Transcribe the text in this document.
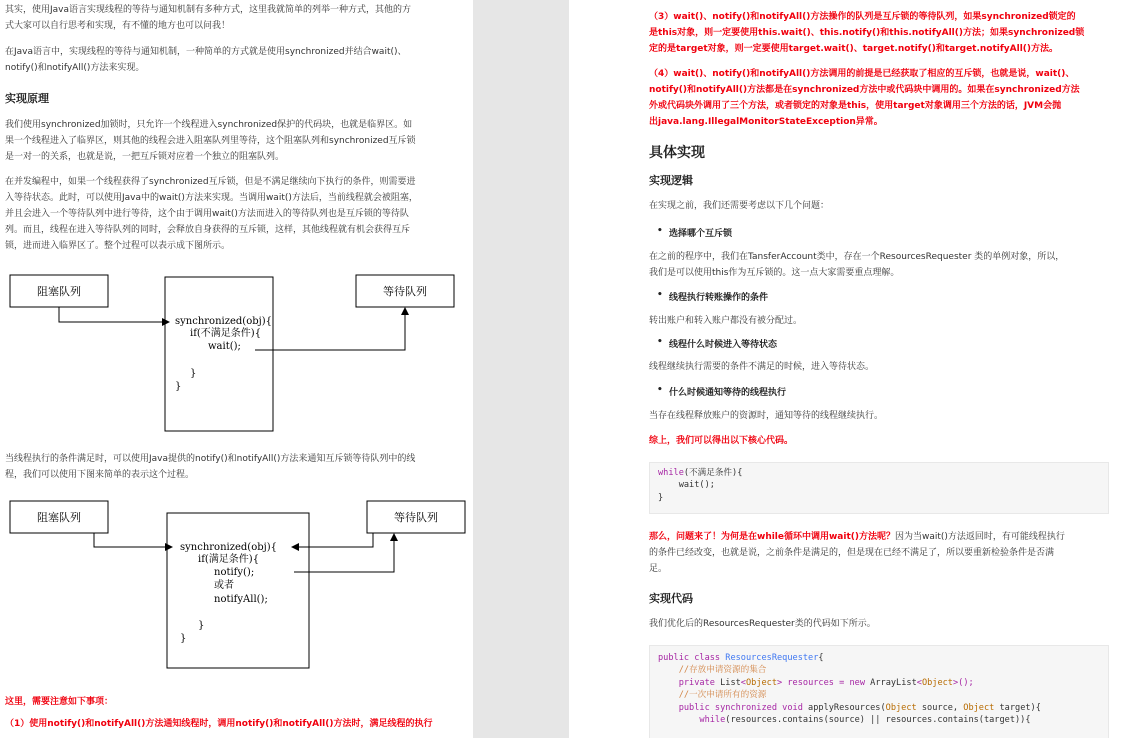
其实，使用Java语言实现线程的等待与通知机制有多种方式，这里我就简单的列举一种方式，其他的方

式大家可以自行思考和实现，有不懂的地方也可以问我！

在Java语言中，实现线程的等待与通知机制，一种简单的方式就是使用synchronized并结合wait()、

notify()和notifyAll()方法来实现。

实现原理

我们使用synchronized加锁时，只允许一个线程进入synchronized保护的代码块，也就是临界区。如

果一个线程进入了临界区，则其他的线程会进入阻塞队列里等待，这个阻塞队列和synchronized互斥锁

是一对一的关系，也就是说，一把互斥锁对应着一个独立的阻塞队列。

在并发编程中，如果一个线程获得了synchronized互斥锁，但是不满足继续向下执行的条件，则需要进

入等待状态。此时，可以使用Java中的wait()方法来实现。当调用wait()方法后，当前线程就会被阻塞，

并且会进入一个等待队列中进行等待，这个由于调用wait()方法而进入的等待队列也是互斥锁的等待队

列。而且，线程在进入等待队列的同时，会释放自身获得的互斥锁，这样，其他线程就有机会获得互斥

锁，进而进入临界区了。整个过程可以表示成下图所示。

阻塞队列	等待队列
synchronized(obj){
if(不满足条件){
wait();
}
}

当线程执行的条件满足时，可以使用Java提供的notify()和notifyAll()方法来通知互斥锁等待队列中的线

程，我们可以使用下图来简单的表示这个过程。

阻塞队列	等待队列
synchronized(obj){
if(满足条件){
notify();
或者
notifyAll();
}
}

这里，需要注意如下事项：

（1）使用notify()和notifyAll()方法通知线程时，调用notify()和notifyAll()方法时，满足线程的执行

（3）wait()、notify()和notifyAll()方法操作的队列是互斥锁的等待队列，如果synchronized锁定的

是this对象，则一定要使用this.wait()、this.notify()和this.notifyAll()方法；如果synchronized锁

定的是target对象，则一定要使用target.wait()、target.notify()和target.notifyAll()方法。

（4）wait()、notify()和notifyAll()方法调用的前提是已经获取了相应的互斥锁，也就是说，wait()、

notify()和notifyAll()方法都是在synchronized方法中或代码块中调用的。如果在synchronized方法

外或代码块外调用了三个方法，或者锁定的对象是this，使用target对象调用三个方法的话，JVM会抛

出java.lang.IllegalMonitorStateException异常。

具体实现
实现逻辑

在实现之前，我们还需要考虑以下几个问题：

• 选择哪个互斥锁

在之前的程序中，我们在TansferAccount类中，存在一个ResourcesRequester 类的单例对象，所以，

我们是可以使用this作为互斥锁的。这一点大家需要重点理解。

• 线程执行转账操作的条件

转出账户和转入账户都没有被分配过。

• 线程什么时候进入等待状态

线程继续执行需要的条件不满足的时候，进入等待状态。

• 什么时候通知等待的线程执行

当存在线程释放账户的资源时，通知等待的线程继续执行。

综上，我们可以得出以下核心代码。

while(不满足条件){
wait();
}

那么，问题来了！为何是在while循环中调用wait()方法呢？因为当wait()方法返回时，有可能线程执行

的条件已经改变，也就是说，之前条件是满足的，但是现在已经不满足了，所以要重新检验条件是否满

足。

实现代码

我们优化后的ResourcesRequester类的代码如下所示。

public class ResourcesRequester{
//存放申请资源的集合
private List<Object> resources = new ArrayList<Object>();
//一次申请所有的资源
public synchronized void applyResources(Object source, Object target){
while(resources.contains(source) || resources.contains(target)){
